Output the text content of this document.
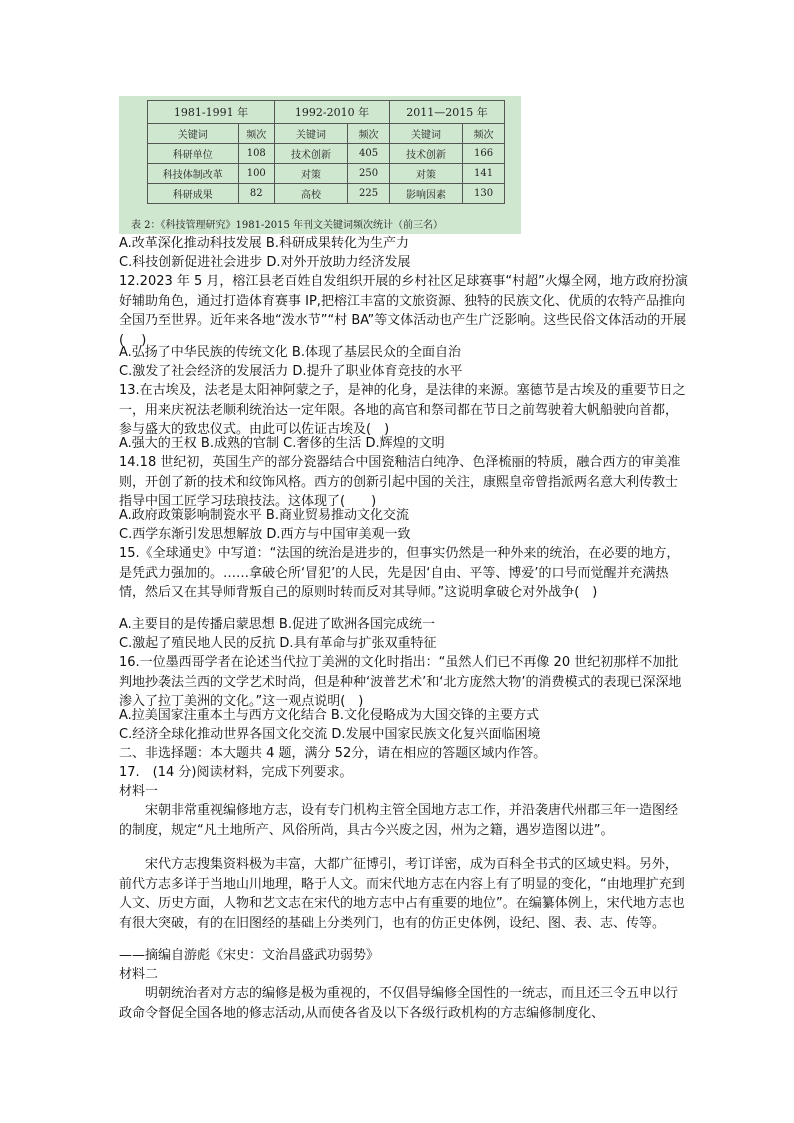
1981-1991 年		1992-2010 年		2011—2015 年	
关键词	频次	关键词	频次	关键词	频次
科研单位	108	技术创新	405	技术创新	166
科技体制改革	100	对策	250	对策	141
科研成果	82	高校	225	影响因素	130
表 2：《科技管理研究》1981-2015 年刊文关键词频次统计（前三名）

A.改革深化推动科技发展 B.科研成果转化为生产力

C.科技创新促进社会进步 D.对外开放助力经济发展

12.2023 年 5 月，榕江县老百姓自发组织开展的乡村社区足球赛事“村超”火爆全网，地方政府扮演好辅助角色，通过打造体育赛事 IP,把榕江丰富的文旅资源、独特的民族文化、优质的农特产品推向全国乃至世界。近年来各地“泼水节”“村 BA”等文体活动也产生广泛影响。这些民俗文体活动的开展(　 )

A.弘扬了中华民族的传统文化 B.体现了基层民众的全面自治

C.激发了社会经济的发展活力 D.提升了职业体育竞技的水平

13.在古埃及，法老是太阳神阿蒙之子，是神的化身，是法律的来源。塞德节是古埃及的重要节日之一，用来庆祝法老顺利统治达一定年限。各地的高官和祭司都在节日之前驾驶着大帆船驶向首都，参与盛大的致忠仪式。由此可以佐证古埃及(　)

A.强大的王权 B.成熟的官制 C.奢侈的生活 D.辉煌的文明

14.18 世纪初，英国生产的部分瓷器结合中国瓷釉洁白纯净、色泽梳丽的特质，融合西方的审美准则，开创了新的技术和纹饰风格。西方的创新引起中国的关注，康熙皇帝曾指派两名意大利传教士指导中国工匠学习珐琅技法。这体现了(　　)

A.政府政策影响制瓷水平 B.商业贸易推动文化交流

C.西学东渐引发思想解放 D.西方与中国审美观一致

15.《全球通史》中写道：“法国的统治是进步的，但事实仍然是一种外来的统治，在必要的地方，是凭武力强加的。……拿破仑所‘冒犯’的人民，先是因‘自由、平等、博爱’的口号而觉醒并充满热情，然后又在其导师背叛自己的原则时转而反对其导师。”这说明拿破仑对外战争(　)

A.主要目的是传播启蒙思想 B.促进了欧洲各国完成统一

C.激起了殖民地人民的反抗 D.具有革命与扩张双重特征

16.一位墨西哥学者在论述当代拉丁美洲的文化时指出：“虽然人们已不再像 20 世纪初那样不加批判地抄袭法兰西的文学艺术时尚，但是种种‘波普艺术’和‘北方庞然大物’的消费模式的表现已深深地渗入了拉丁美洲的文化。”这一观点说明(　)

A.拉美国家注重本土与西方文化结合 B.文化侵略成为大国交锋的主要方式

C.经济全球化推动世界各国文化交流 D.发展中国家民族文化复兴面临困境

二、非选择题：本大题共 4 题，满分 52分，请在相应的答题区域内作答。

17.　(14 分)阅读材料，完成下列要求。

材料一

宋朝非常重视编修地方志，设有专门机构主管全国地方志工作，并沿袭唐代州郡三年一造图经的制度，规定“凡土地所产、风俗所尚，具古今兴废之因，州为之籍，遇岁造图以进”。

宋代方志搜集资料极为丰富，大都广征博引，考订详密，成为百科全书式的区域史料。另外，前代方志多详于当地山川地理，略于人文。而宋代地方志在内容上有了明显的变化，“由地理扩充到人文、历史方面，人物和艺文志在宋代的地方志中占有重要的地位”。在编纂体例上，宋代地方志也有很大突破，有的在旧图经的基础上分类列门，也有的仿正史体例，设纪、图、表、志、传等。

——摘编自游彪《宋史：文治昌盛武功弱势》

材料二

明朝统治者对方志的编修是极为重视的，不仅倡导编修全国性的一统志，而且还三令五申以行政命令督促全国各地的修志活动,从而使各省及以下各级行政机构的方志编修制度化、
